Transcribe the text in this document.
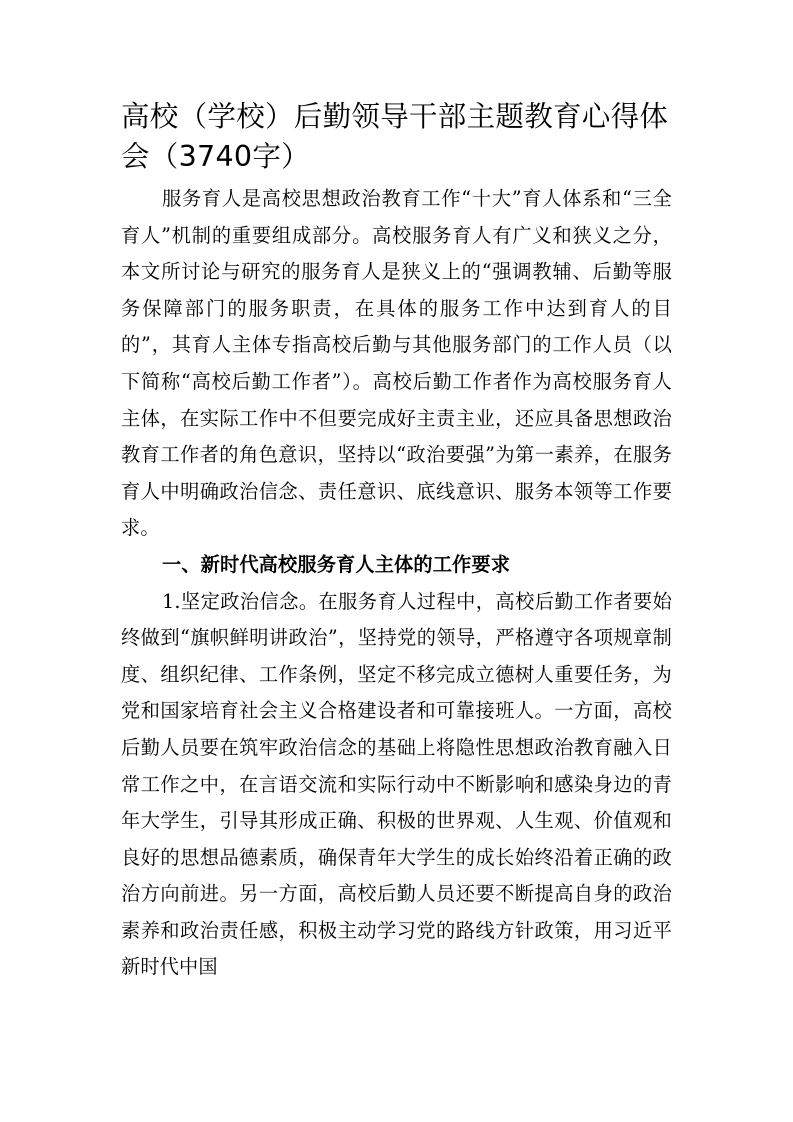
高校（学校）后勤领导干部主题教育心得体会（3740字）

服务育人是高校思想政治教育工作“十大”育人体系和“三全育人”机制的重要组成部分。高校服务育人有广义和狭义之分，本文所讨论与研究的服务育人是狭义上的“强调教辅、后勤等服务保障部门的服务职责，在具体的服务工作中达到育人的目的”，其育人主体专指高校后勤与其他服务部门的工作人员（以下简称“高校后勤工作者”）。高校后勤工作者作为高校服务育人主体，在实际工作中不但要完成好主责主业，还应具备思想政治教育工作者的角色意识，坚持以“政治要强”为第一素养，在服务育人中明确政治信念、责任意识、底线意识、服务本领等工作要求。

一、新时代高校服务育人主体的工作要求

1.坚定政治信念。在服务育人过程中，高校后勤工作者要始终做到“旗帜鲜明讲政治”，坚持党的领导，严格遵守各项规章制度、组织纪律、工作条例，坚定不移完成立德树人重要任务，为党和国家培育社会主义合格建设者和可靠接班人。一方面，高校后勤人员要在筑牢政治信念的基础上将隐性思想政治教育融入日常工作之中，在言语交流和实际行动中不断影响和感染身边的青年大学生，引导其形成正确、积极的世界观、人生观、价值观和良好的思想品德素质，确保青年大学生的成长始终沿着正确的政治方向前进。另一方面，高校后勤人员还要不断提高自身的政治素养和政治责任感，积极主动学习党的路线方针政策，用习近平新时代中国
